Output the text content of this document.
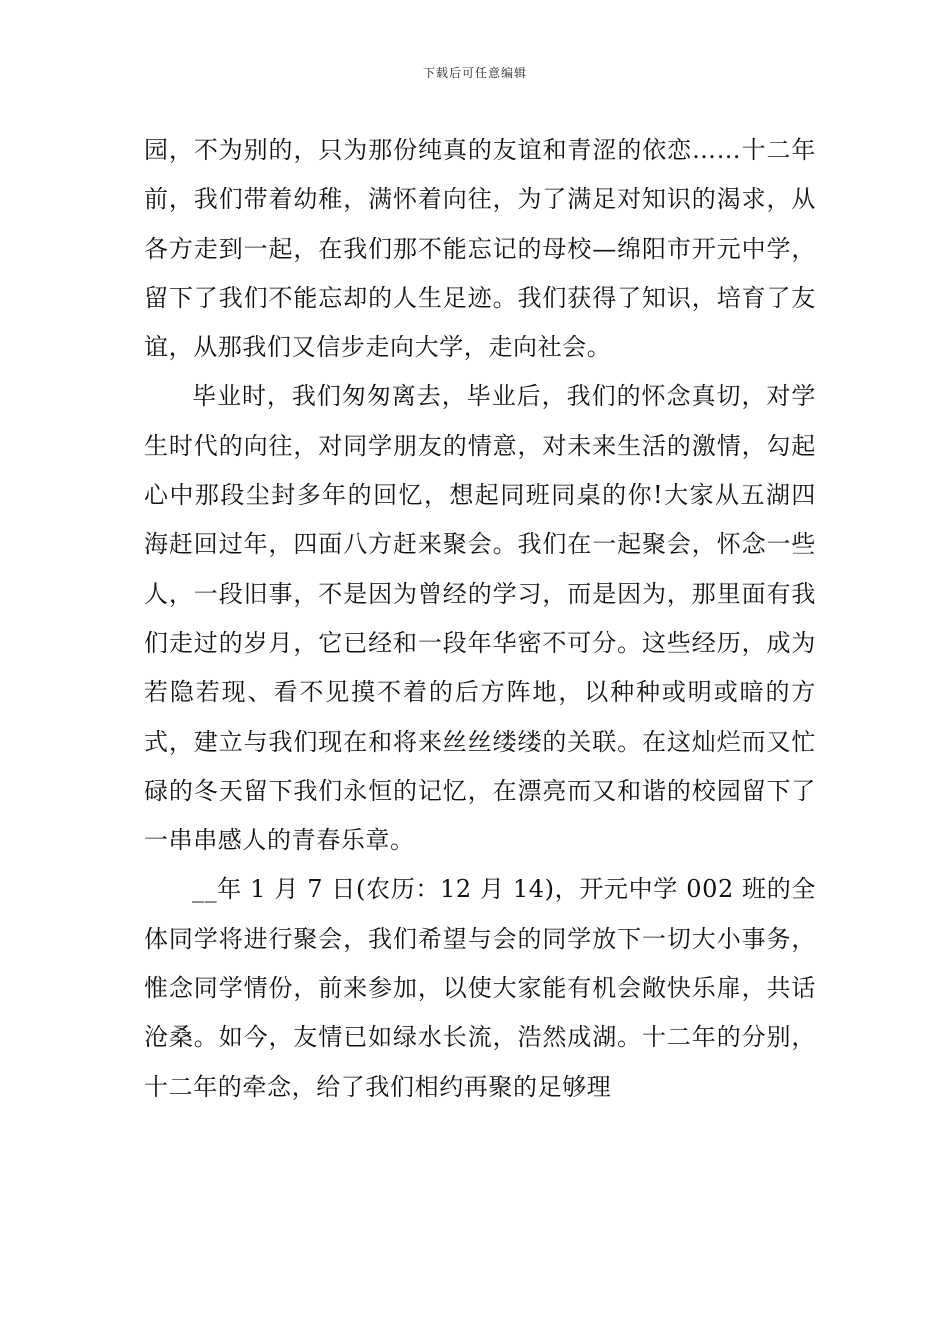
下载后可任意编辑

园，不为别的，只为那份纯真的友谊和青涩的依恋……十二年前，我们带着幼稚，满怀着向往，为了满足对知识的渴求，从各方走到一起，在我们那不能忘记的母校—绵阳市开元中学，留下了我们不能忘却的人生足迹。我们获得了知识，培育了友谊，从那我们又信步走向大学，走向社会。

毕业时，我们匆匆离去，毕业后，我们的怀念真切，对学生时代的向往，对同学朋友的情意，对未来生活的激情，勾起心中那段尘封多年的回忆，想起同班同桌的你!大家从五湖四海赶回过年，四面八方赶来聚会。我们在一起聚会，怀念一些人，一段旧事，不是因为曾经的学习，而是因为，那里面有我们走过的岁月，它已经和一段年华密不可分。这些经历，成为若隐若现、看不见摸不着的后方阵地，以种种或明或暗的方式，建立与我们现在和将来丝丝缕缕的关联。在这灿烂而又忙碌的冬天留下我们永恒的记忆，在漂亮而又和谐的校园留下了一串串感人的青春乐章。

__年 1 月 7 日(农历：12 月 14)，开元中学 002 班的全体同学将进行聚会，我们希望与会的同学放下一切大小事务，惟念同学情份，前来参加，以使大家能有机会敞快乐扉，共话沧桑。如今，友情已如绿水长流，浩然成湖。十二年的分别，十二年的牵念，给了我们相约再聚的足够理
